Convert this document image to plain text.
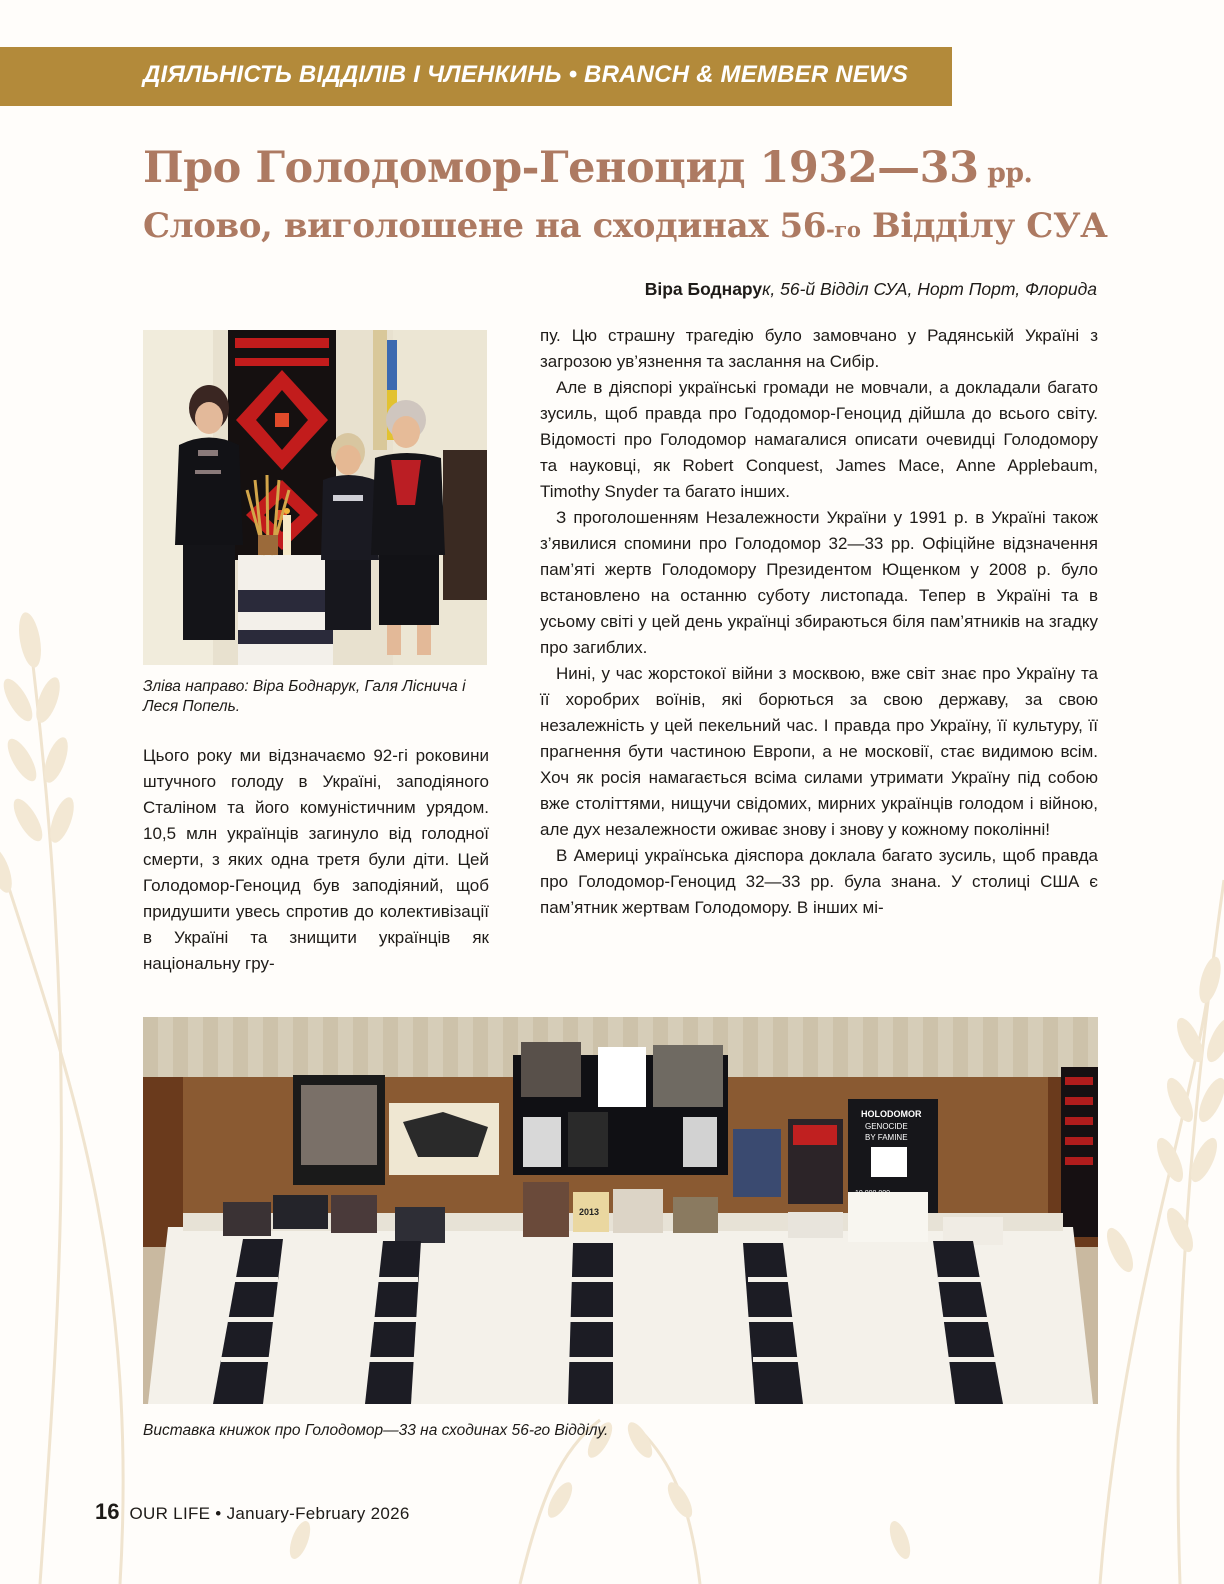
ДІЯЛЬНІСТЬ ВІДДІЛІВ І ЧЛЕНКИНЬ • BRANCH & MEMBER NEWS
Про Голодомор-Геноцид 1932—33 рр.
Слово, виголошене на сходинах 56-го Відділу СУА
Віра Боднарук, 56-й Відділ СУА, Норт Порт, Флорида
Зліва направо: Віра Боднарук, Галя Ліснича і Леся Попель.

Цього року ми відзначаємо 92-гі роковини штучного голоду в Україні, заподіяного Сталіном та його комуністичним урядом. 10,5 млн українців загинуло від голодної смерти, з яких одна третя були діти. Цей Голодомор-Геноцид був заподіяний, щоб придушити увесь спротив до колективізації в Україні та знищити українців як національну гру-

пу. Цю страшну трагедію було замовчано у Радянській Україні з загрозою ув’язнення та заслання на Сибір.

Але в діяспорі українські громади не мовчали, а докладали багато зусиль, щоб правда про Гододомор-Геноцид дійшла до всього світу. Відомості про Голодомор намагалися описати очевидці Голодомору та науковці, як Robert Conquest, James Mace, Anne Applebaum, Timothy Snyder та багато інших.

З проголошенням Незалежности України у 1991 р. в Україні також з’явилися спомини про Голодомор 32—33 рр. Офіційне відзначення пам’яті жертв Голодомору Президентом Ющенком у 2008 р. було встановлено на останню суботу листопада. Тепер в Україні та в усьому світі у цей день українці збираються біля пам’ятників на згадку про загиблих.

Нині, у час жорстокої війни з москвою, вже світ знає про Україну та її хоробрих воїнів, які борються за свою державу, за свою незалежність у цей пекельний час. І правда про Україну, її культуру, її прагнення бути частиною Европи, а не московії, стає видимою всім. Хоч як росія намагається всіма силами утримати Україну під собою вже століттями, нищучи свідомих, мирних українців голодом і війною, але дух незалежности оживає знову і знову у кожному поколінні!

В Америці українська діяспора доклала багато зусиль, щоб правда про Голодомор-Геноцид 32—33 рр. була знана. У столиці США є пам’ятник жертвам Голодомору. В інших мі-

HOLODOMOR
GENOCIDE
BY FAMINE
2013
Виставка книжок про Голодомор—33 на сходинах 56-го Відділу.
16 OUR LIFE • January-February 2026
